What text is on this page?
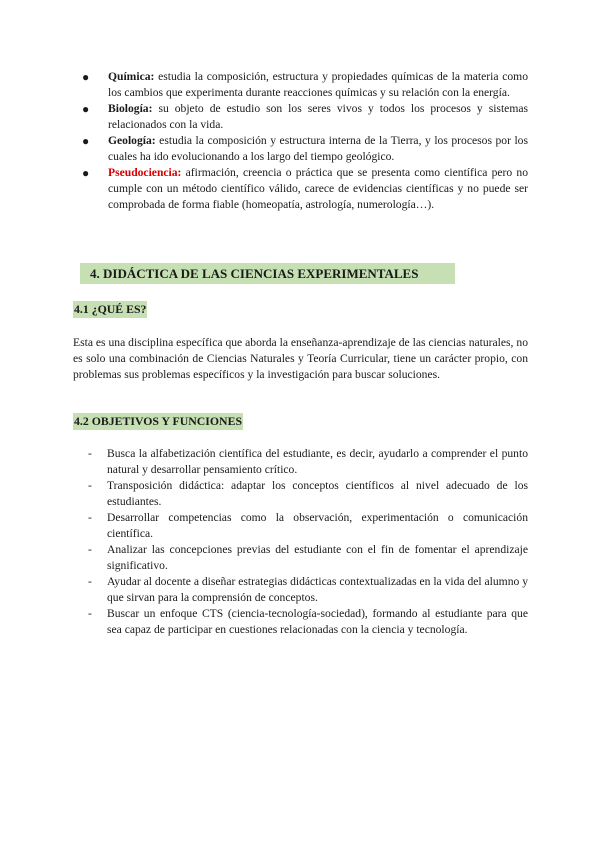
● Química: estudia la composición, estructura y propiedades químicas de la materia como los cambios que experimenta durante reacciones químicas y su relación con la energía.
● Biología: su objeto de estudio son los seres vivos y todos los procesos y sistemas relacionados con la vida.
● Geología: estudia la composición y estructura interna de la Tierra, y los procesos por los cuales ha ido evolucionando a los largo del tiempo geológico.
● Pseudociencia: afirmación, creencia o práctica que se presenta como científica pero no cumple con un método científico válido, carece de evidencias científicas y no puede ser comprobada de forma fiable (homeopatía, astrología, numerología…).
4. DIDÁCTICA DE LAS CIENCIAS EXPERIMENTALES
4.1 ¿QUÉ ES?

Esta es una disciplina específica que aborda la enseñanza-aprendizaje de las ciencias naturales, no es solo una combinación de Ciencias Naturales y Teoría Curricular, tiene un carácter propio, con problemas sus problemas específicos y la investigación para buscar soluciones.

4.2 OBJETIVOS Y FUNCIONES
- Busca la alfabetización científica del estudiante, es decir, ayudarlo a comprender el punto natural y desarrollar pensamiento crítico.
- Transposición didáctica: adaptar los conceptos científicos al nivel adecuado de los estudiantes.
- Desarrollar competencias como la observación, experimentación o comunicación científica.
- Analizar las concepciones previas del estudiante con el fin de fomentar el aprendizaje significativo.
- Ayudar al docente a diseñar estrategias didácticas contextualizadas en la vida del alumno y que sirvan para la comprensión de conceptos.
- Buscar un enfoque CTS (ciencia-tecnología-sociedad), formando al estudiante para que sea capaz de participar en cuestiones relacionadas con la ciencia y tecnología.
